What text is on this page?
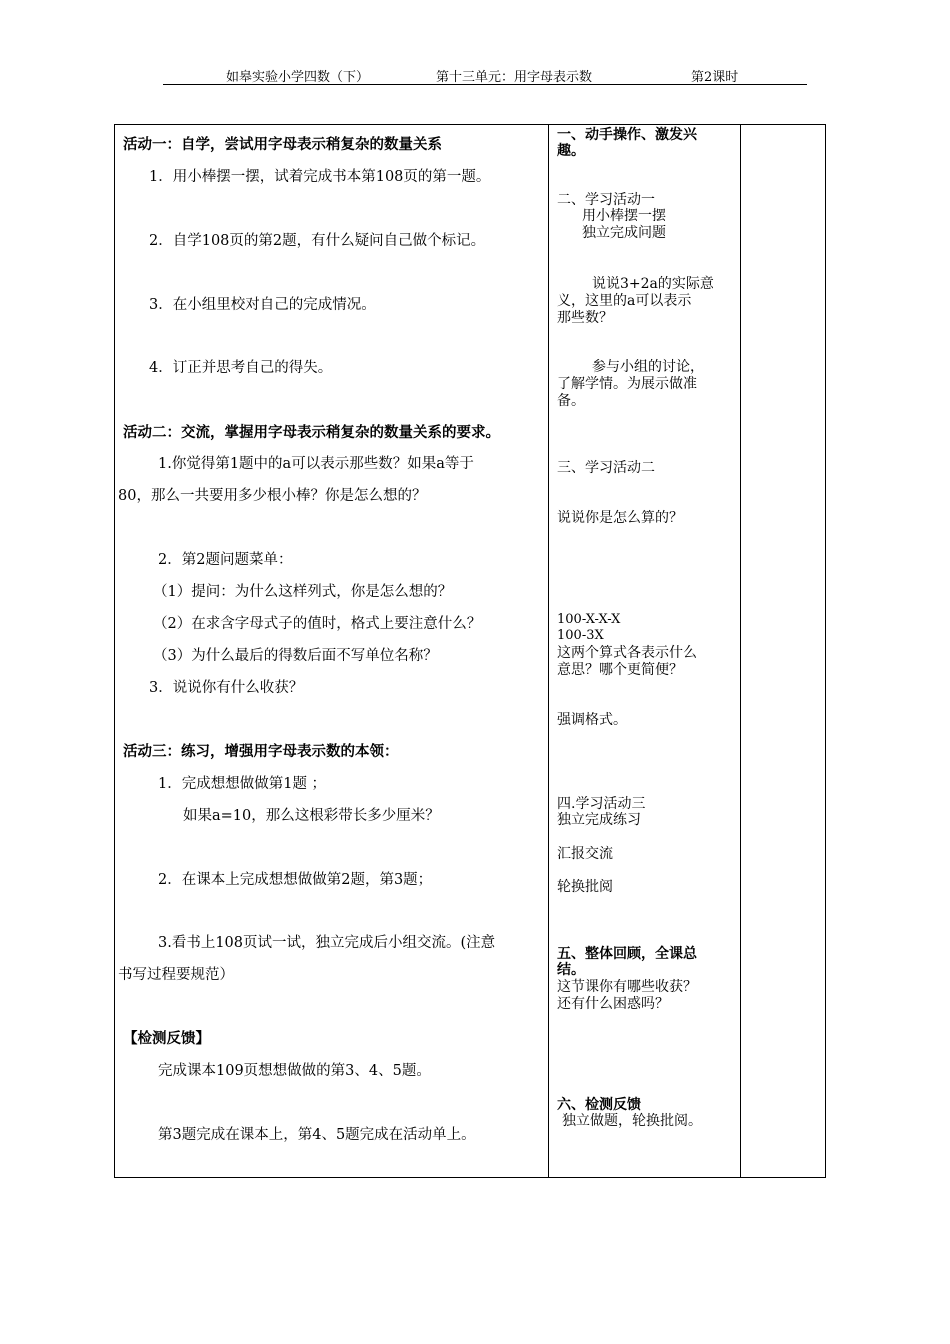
如皋实验小学四数（下）	第十三单元：用字母表示数	第2课时
活动一：自学，尝试用字母表示稍复杂的数量关系
1．用小棒摆一摆，试着完成书本第108页的第一题。
2．自学108页的第2题，有什么疑问自己做个标记。
3．在小组里校对自己的完成情况。
4．订正并思考自己的得失。
活动二：交流，掌握用字母表示稍复杂的数量关系的要求。
1.你觉得第1题中的a可以表示那些数？如果a等于
80，那么一共要用多少根小棒？你是怎么想的？
2．第2题问题菜单：
（1）提问：为什么这样列式，你是怎么想的？
（2）在求含字母式子的值时，格式上要注意什么？
（3）为什么最后的得数后面不写单位名称？
3．说说你有什么收获？
活动三：练习，增强用字母表示数的本领：
1．完成想想做做第1题 ；
如果a=10，那么这根彩带长多少厘米？
2．在课本上完成想想做做第2题，第3题；
3.看书上108页试一试，独立完成后小组交流。(注意
书写过程要规范）
【检测反馈】
完成课本109页想想做做的第3、4、5题。
第3题完成在课本上，第4、5题完成在活动单上。
一、动手操作、激发兴
趣。
二、学习活动一
用小棒摆一摆
独立完成问题
说说3+2a的实际意
义，这里的a可以表示
那些数？
参与小组的讨论，
了解学情。为展示做准
备。
三、学习活动二
说说你是怎么算的？
100-X-X-X
100-3X
这两个算式各表示什么
意思？哪个更简便？
强调格式。
四.学习活动三
独立完成练习
汇报交流
轮换批阅
五、整体回顾，全课总
结。
这节课你有哪些收获？
还有什么困惑吗？
六、检测反馈
独立做题，轮换批阅。
